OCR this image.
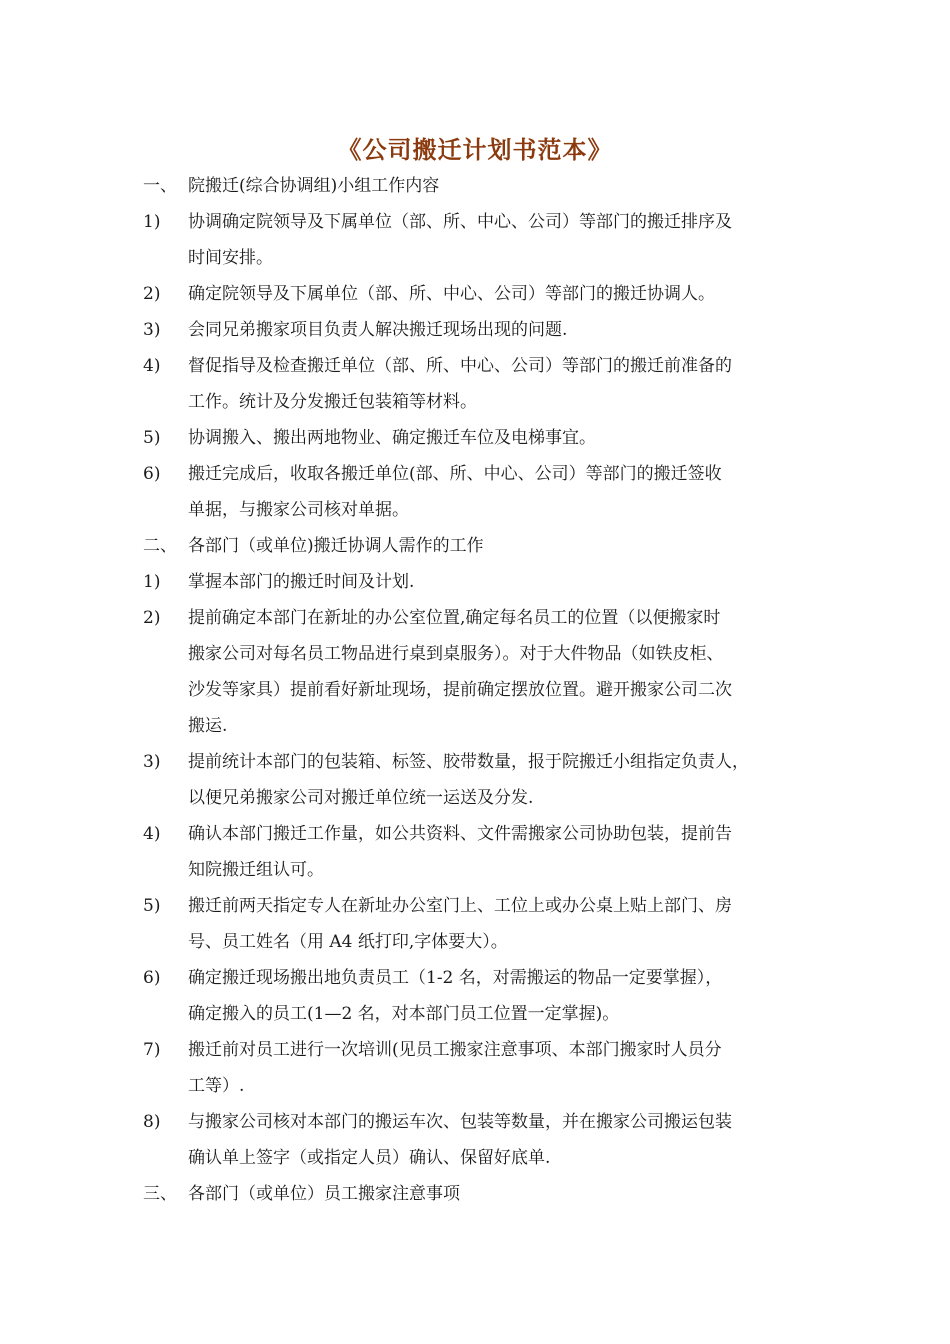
《公司搬迁计划书范本》
一、 院搬迁(综合协调组)小组工作内容
1) 协调确定院领导及下属单位（部、所、中心、公司）等部门的搬迁排序及
时间安排。
2) 确定院领导及下属单位（部、所、中心、公司）等部门的搬迁协调人。
3) 会同兄弟搬家项目负责人解决搬迁现场出现的问题.
4) 督促指导及检查搬迁单位（部、所、中心、公司）等部门的搬迁前准备的
工作。统计及分发搬迁包装箱等材料。
5) 协调搬入、搬出两地物业、确定搬迁车位及电梯事宜。
6) 搬迁完成后，收取各搬迁单位(部、所、中心、公司）等部门的搬迁签收
单据，与搬家公司核对单据。
二、 各部门（或单位)搬迁协调人需作的工作
1) 掌握本部门的搬迁时间及计划.
2) 提前确定本部门在新址的办公室位置,确定每名员工的位置（以便搬家时
搬家公司对每名员工物品进行桌到桌服务）。对于大件物品（如铁皮柜、
沙发等家具）提前看好新址现场，提前确定摆放位置。避开搬家公司二次
搬运.
3) 提前统计本部门的包装箱、标签、胶带数量，报于院搬迁小组指定负责人，
以便兄弟搬家公司对搬迁单位统一运送及分发.
4) 确认本部门搬迁工作量，如公共资料、文件需搬家公司协助包装，提前告
知院搬迁组认可。
5) 搬迁前两天指定专人在新址办公室门上、工位上或办公桌上贴上部门、房
号、员工姓名（用 A4 纸打印,字体要大）。
6) 确定搬迁现场搬出地负责员工（1-2 名，对需搬运的物品一定要掌握），
确定搬入的员工(1—2 名，对本部门员工位置一定掌握)。
7) 搬迁前对员工进行一次培训(见员工搬家注意事项、本部门搬家时人员分
工等）.
8) 与搬家公司核对本部门的搬运车次、包装等数量，并在搬家公司搬运包装
确认单上签字（或指定人员）确认、保留好底单.
三、 各部门（或单位）员工搬家注意事项
